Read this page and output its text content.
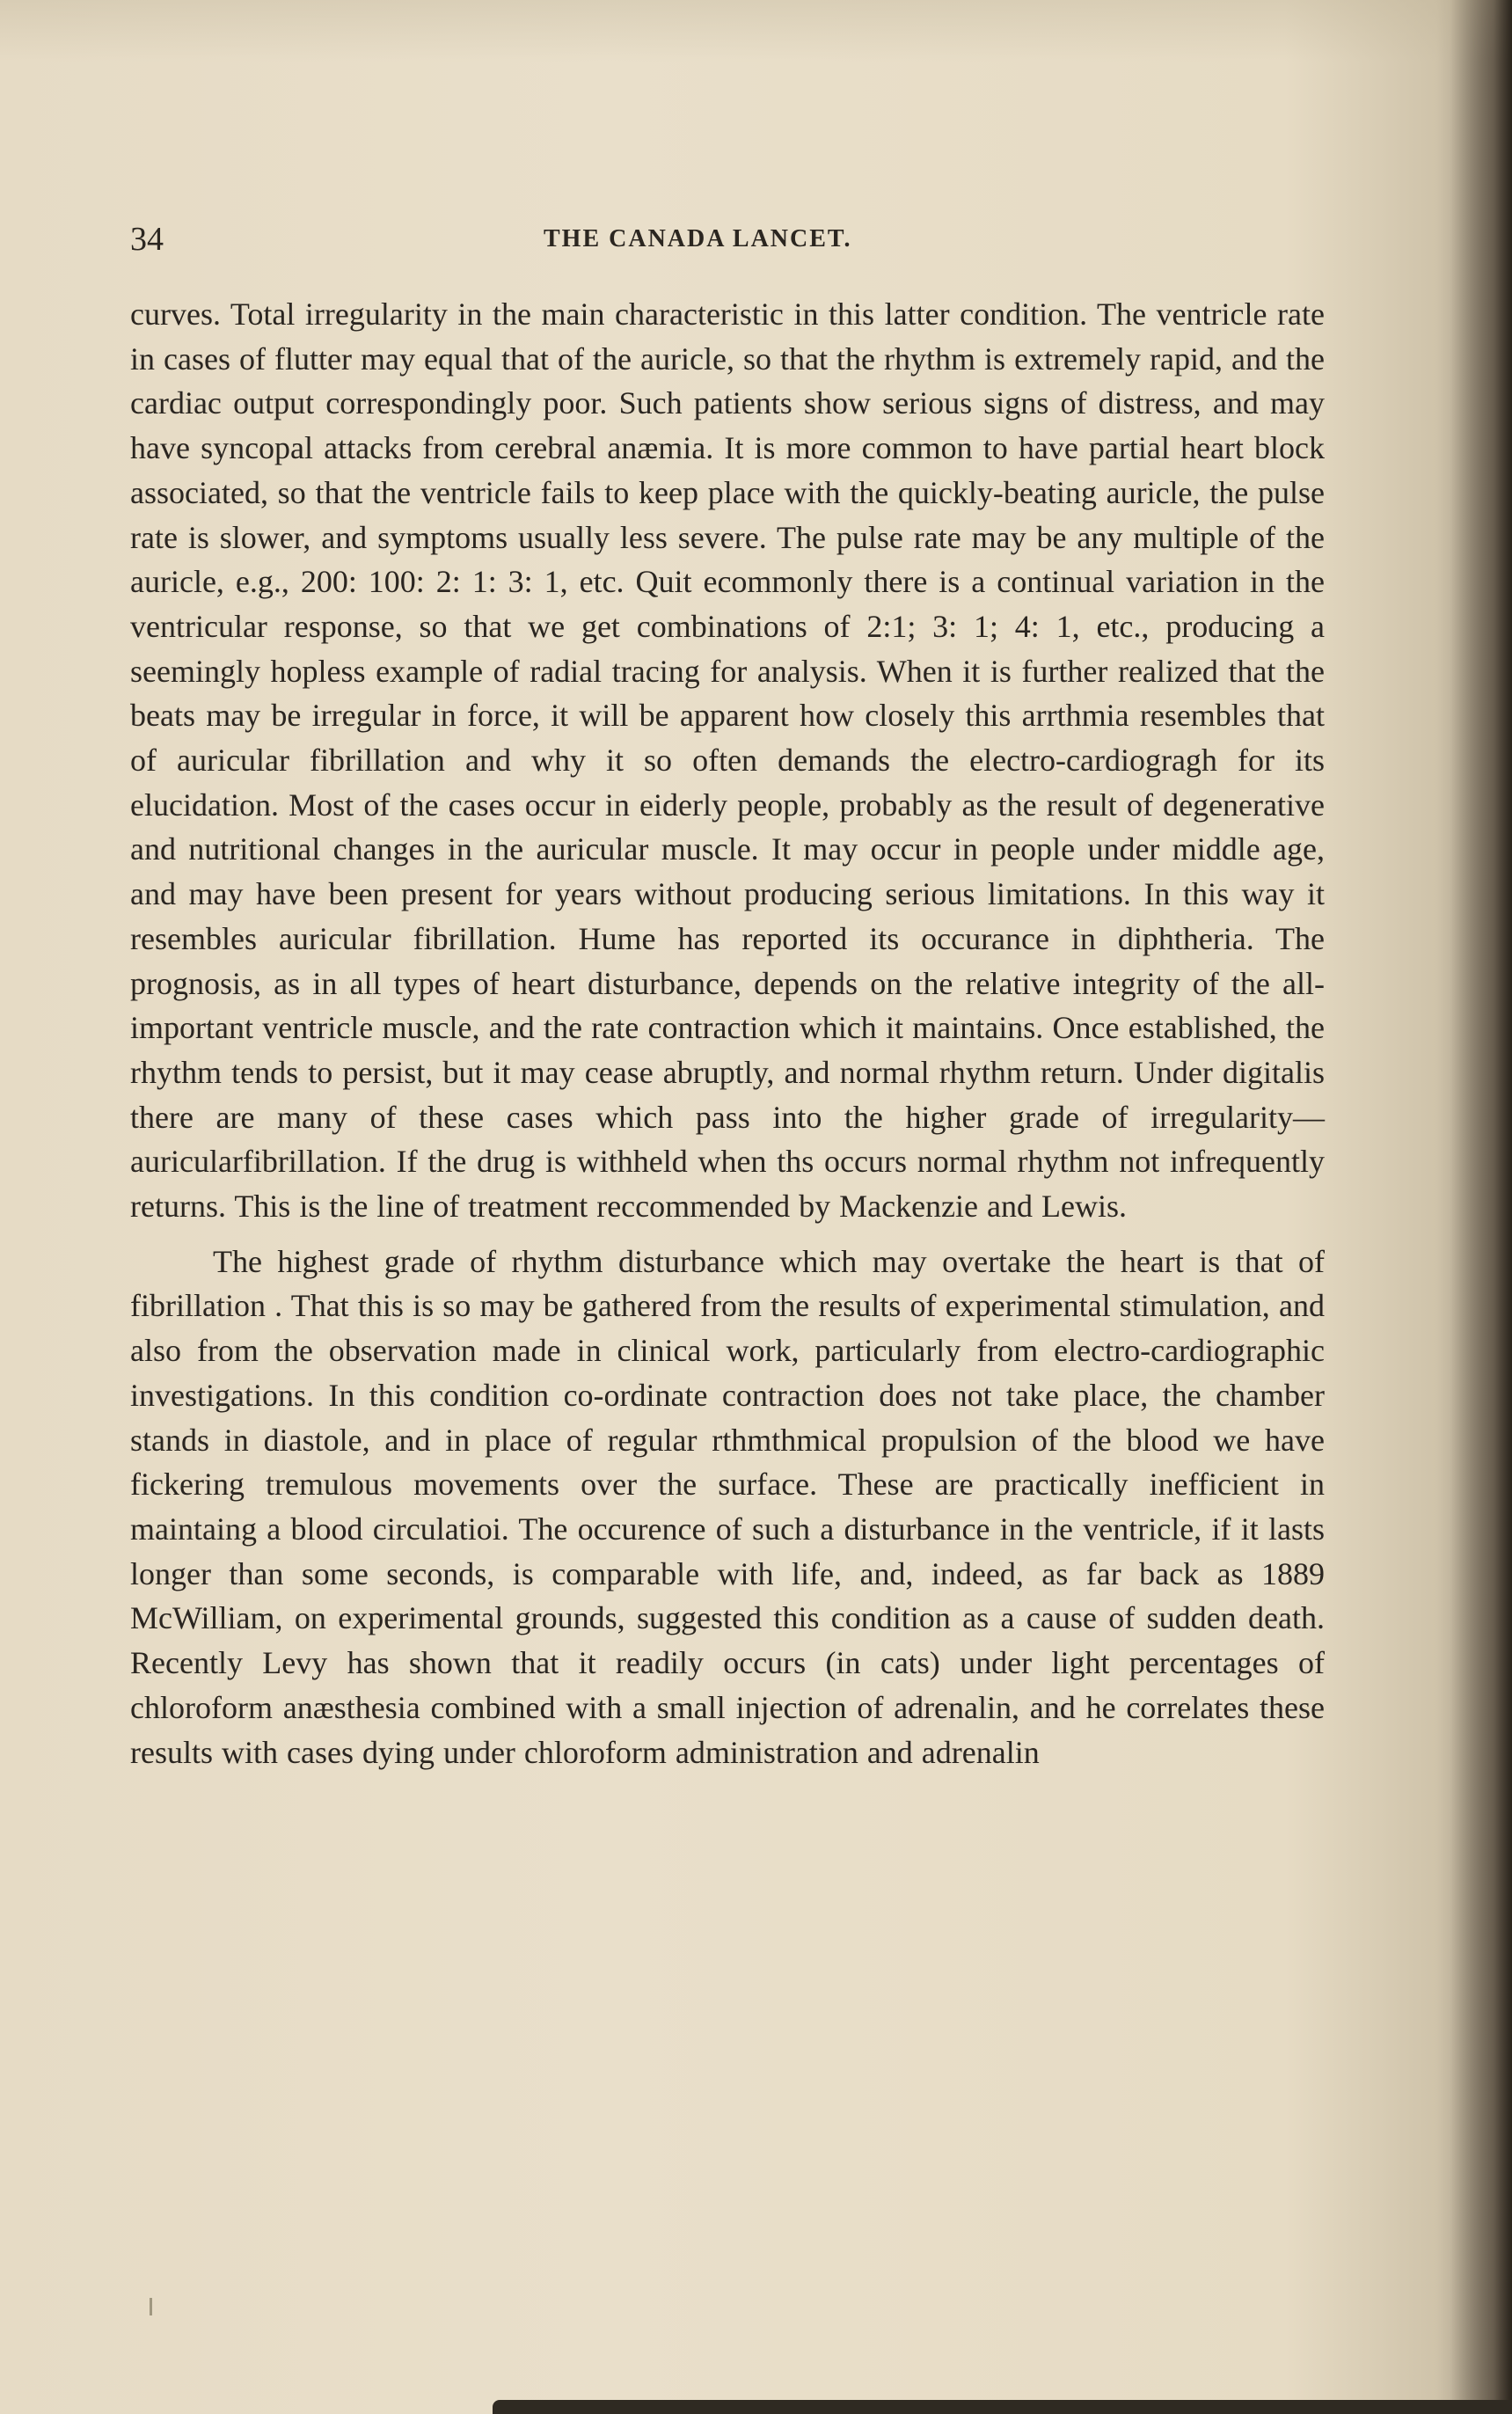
34	THE CANADA LANCET.

curves. Total irregularity in the main characteristic in this latter condition. The ventricle rate in cases of flutter may equal that of the auricle, so that the rhythm is extremely rapid, and the cardiac output correspondingly poor. Such patients show serious signs of distress, and may have syncopal attacks from cerebral anæmia. It is more common to have partial heart block associated, so that the ventricle fails to keep place with the quickly-beating auricle, the pulse rate is slower, and symptoms usually less severe. The pulse rate may be any multiple of the auricle, e.g., 200: 100: 2: 1: 3: 1, etc. Quit ecommonly there is a continual variation in the ventricular response, so that we get combinations of 2:1; 3: 1; 4: 1, etc., producing a seemingly hopless example of radial tracing for analysis. When it is further realized that the beats may be irregular in force, it will be apparent how closely this arrthmia resembles that of auricular fibrillation and why it so often demands the electro-cardiogragh for its elucidation. Most of the cases occur in eiderly people, probably as the result of degenerative and nutritional changes in the auricular muscle. It may occur in people under middle age, and may have been present for years without producing serious limitations. In this way it resembles auricular fibrillation. Hume has reported its occurance in diphtheria. The prognosis, as in all types of heart disturbance, depends on the relative integrity of the all-important ventricle muscle, and the rate contraction which it maintains. Once established, the rhythm tends to persist, but it may cease abruptly, and normal rhythm return. Under digitalis there are many of these cases which pass into the higher grade of irregularity—auricularfibrillation. If the drug is withheld when ths occurs normal rhythm not infrequently returns. This is the line of treatment reccommended by Mackenzie and Lewis.

The highest grade of rhythm disturbance which may overtake the heart is that of fibrillation . That this is so may be gathered from the results of experimental stimulation, and also from the observation made in clinical work, particularly from electro-cardiographic investigations. In this condition co-ordinate contraction does not take place, the chamber stands in diastole, and in place of regular rthmthmical propulsion of the blood we have fickering tremulous movements over the surface. These are practically inefficient in maintaing a blood circulatioi. The occurence of such a disturbance in the ventricle, if it lasts longer than some seconds, is comparable with life, and, indeed, as far back as 1889 McWilliam, on experimental grounds, suggested this condition as a cause of sudden death. Recently Levy has shown that it readily occurs (in cats) under light percentages of chloroform anæsthesia combined with a small injection of adrenalin, and he correlates these results with cases dying under chloroform administration and adrenalin
